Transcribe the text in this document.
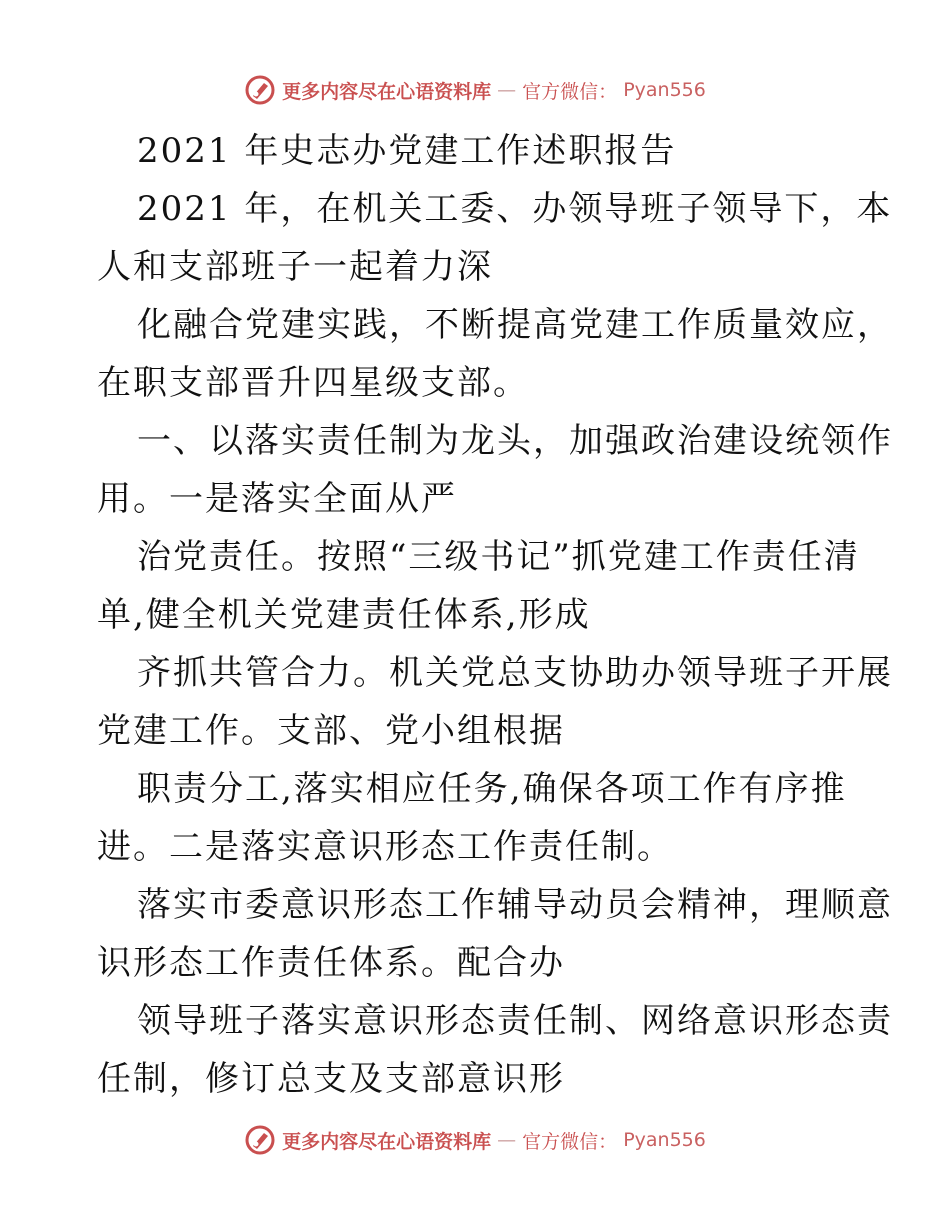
更多内容尽在心语资料库 — 官方微信： Pyan556
2021 年史志办党建工作述职报告
2021 年，在机关工委、办领导班子领导下，本
人和支部班子一起着力深
化融合党建实践，不断提高党建工作质量效应，
在职支部晋升四星级支部。
一、以落实责任制为龙头，加强政治建设统领作
用。一是落实全面从严
治党责任。按照“三级书记”抓党建工作责任清
单,健全机关党建责任体系,形成
齐抓共管合力。机关党总支协助办领导班子开展
党建工作。支部、党小组根据
职责分工,落实相应任务,确保各项工作有序推
进。二是落实意识形态工作责任制。
落实市委意识形态工作辅导动员会精神，理顺意
识形态工作责任体系。配合办
领导班子落实意识形态责任制、网络意识形态责
任制，修订总支及支部意识形
更多内容尽在心语资料库 — 官方微信： Pyan556
